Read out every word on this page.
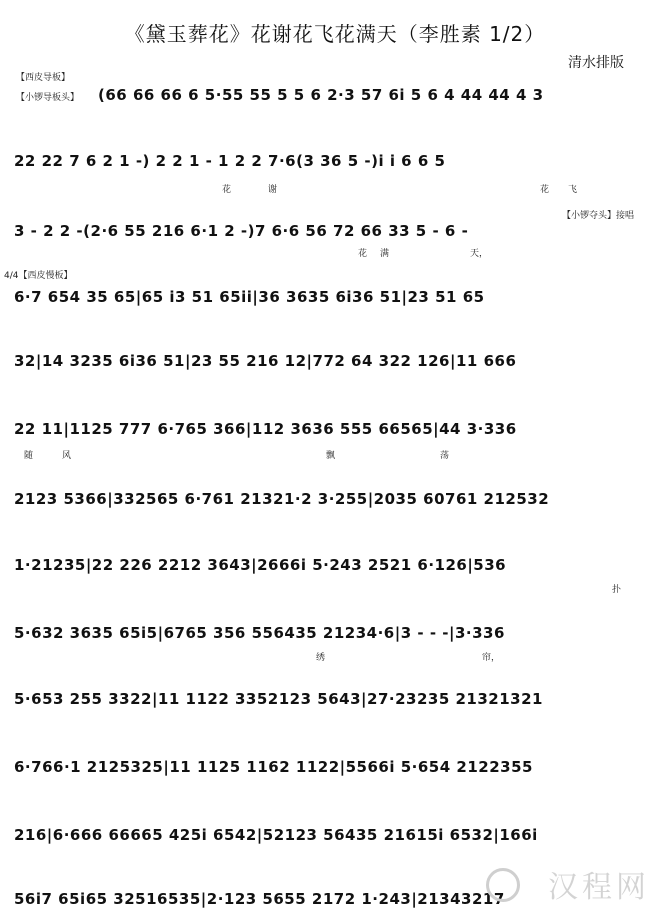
《黛玉葬花》花谢花飞花满天（李胜素 1/2）
清水排版
【西皮导板】
【小锣导板头】
【小锣夺头】接唱
4/4【西皮慢板】
(66 66 66 6 5·55 55 5 5 6 2·3 57 6i 5 6 4 44 44 4 3
22 22 7 6 2 1 -) 2 2 1 - 1 2 2 7·6(3 36 5 -)i i 6 6 5
3 - 2 2 -(2·6 55 216 6·1 2 -)7 6·6 56 72 66 33 5 - 6 -
6·7 654 35 65|65 i3 51 65ii|36 3635 6i36 51|23 51 65
32|14 3235 6i36 51|23 55 216 12|772 64 322 126|11 666
22 11|1125 777 6·765 366|112 3636 555 66565|44 3·336
2123 5366|332565 6·761 21321·2 3·255|2035 60761 212532
1·21235|22 226 2212 3643|2666i 5·243 2521 6·126|536
5·632 3635 65i5|6765 356 556435 21234·6|3 - - -|3·336
5·653 255 3322|11 1122 3352123 5643|27·23235 21321321
6·766·1 2125325|11 1125 1162 1122|5566i 5·654 2122355
216|6·666 66665 425i 6542|52123 56435 21615i 6532|166i
56i7 65i65 32516535|2·123 5655 2172 1·243|21343217
花	谢	花 飞
花 满	天，
随	风	飘	荡
扑
绣	帘，
汉程网
